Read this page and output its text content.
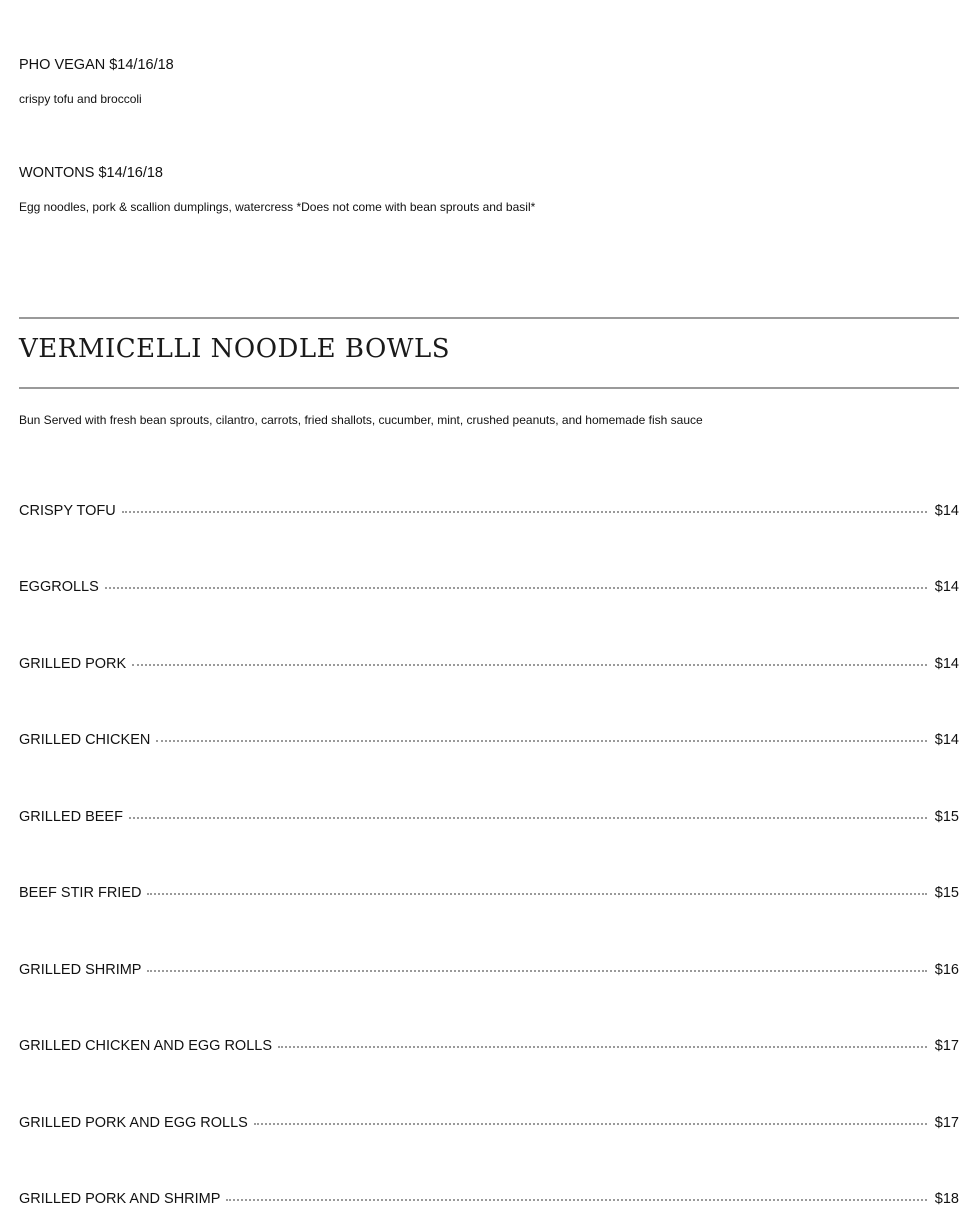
PHO VEGAN $14/16/18
crispy tofu and broccoli
WONTONS $14/16/18
Egg noodles, pork & scallion dumplings, watercress *Does not come with bean sprouts and basil*
VERMICELLI NOODLE BOWLS
Bun Served with fresh bean sprouts, cilantro, carrots, fried shallots, cucumber, mint, crushed peanuts, and homemade fish sauce
CRISPY TOFU	$14
EGGROLLS	$14
GRILLED PORK	$14
GRILLED CHICKEN	$14
GRILLED BEEF	$15
BEEF STIR FRIED	$15
GRILLED SHRIMP	$16
GRILLED CHICKEN AND EGG ROLLS	$17
GRILLED PORK AND EGG ROLLS	$17
GRILLED PORK AND SHRIMP	$18
